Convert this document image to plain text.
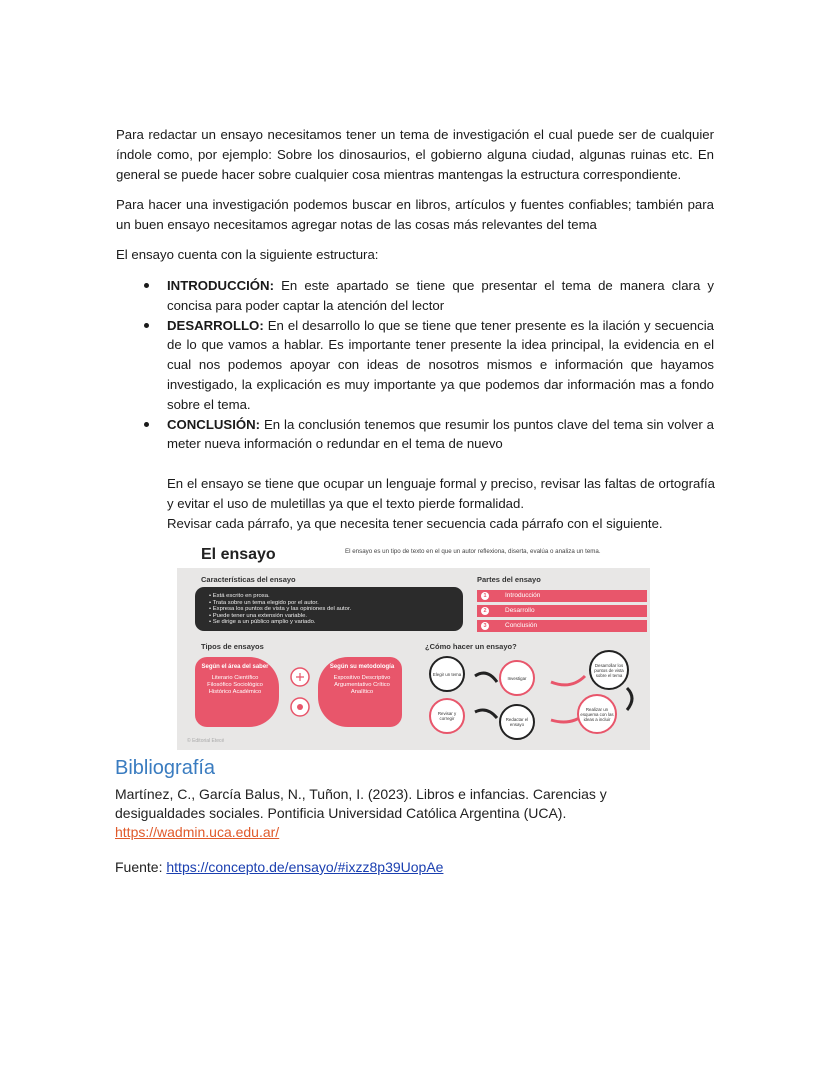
Para redactar un ensayo necesitamos tener un tema de investigación el cual puede ser de cualquier índole como, por ejemplo: Sobre los dinosaurios, el gobierno alguna ciudad, algunas ruinas etc. En general se puede hacer sobre cualquier cosa mientras mantengas la estructura correspondiente.
Para hacer una investigación podemos buscar en libros, artículos y fuentes confiables; también para un buen ensayo necesitamos agregar notas de las cosas más relevantes del tema
El ensayo cuenta con la siguiente estructura:
INTRODUCCIÓN: En este apartado se tiene que presentar el tema de manera clara y concisa para poder captar la atención del lector
DESARROLLO: En el desarrollo lo que se tiene que tener presente es la ilación y secuencia de lo que vamos a hablar. Es importante tener presente la idea principal, la evidencia en el cual nos podemos apoyar con ideas de nosotros mismos e información que hayamos investigado, la explicación es muy importante ya que podemos dar información mas a fondo sobre el tema.
CONCLUSIÓN: En la conclusión tenemos que resumir los puntos clave del tema sin volver a meter nueva información o redundar en el tema de nuevo

En el ensayo se tiene que ocupar un lenguaje formal y preciso, revisar las faltas de ortografía y evitar el uso de muletillas ya que el texto pierde formalidad.

Revisar cada párrafo, ya que necesita tener secuencia cada párrafo con el siguiente.

El ensayo	El ensayo es un tipo de texto en el que un autor reflexiona, diserta, evalúa o analiza un tema.
Características del ensayo
• Está escrito en prosa.
• Trata sobre un tema elegido por el autor.
• Expresa los puntos de vista y las opiniones del autor.
• Puede tener una extensión variable.
• Se dirige a un público amplio y variado.
Partes del ensayo
1	Introducción
2	Desarrollo
3	Conclusión
Tipos de ensayos
Según el área del saber
Literario Científico Filosófico Sociológico Histórico Académico
Según su metodología
Expositivo Descriptivo Argumentativo Crítico Analítico
¿Cómo hacer un ensayo?
Elegir un tema
Investigar
Desarrollar los puntos de vista sobre el tema
Revisar y corregir	Redactar el ensayo
Realizar un esquema con las ideas a incluir
© Editorial Etecé
Bibliografía

Martínez, C., García Balus, N., Tuñon, I. (2023). Libros e infancias. Carencias y desigualdades sociales. Pontificia Universidad Católica Argentina (UCA). https://wadmin.uca.edu.ar/

Fuente: https://concepto.de/ensayo/#ixzz8p39UopAe
